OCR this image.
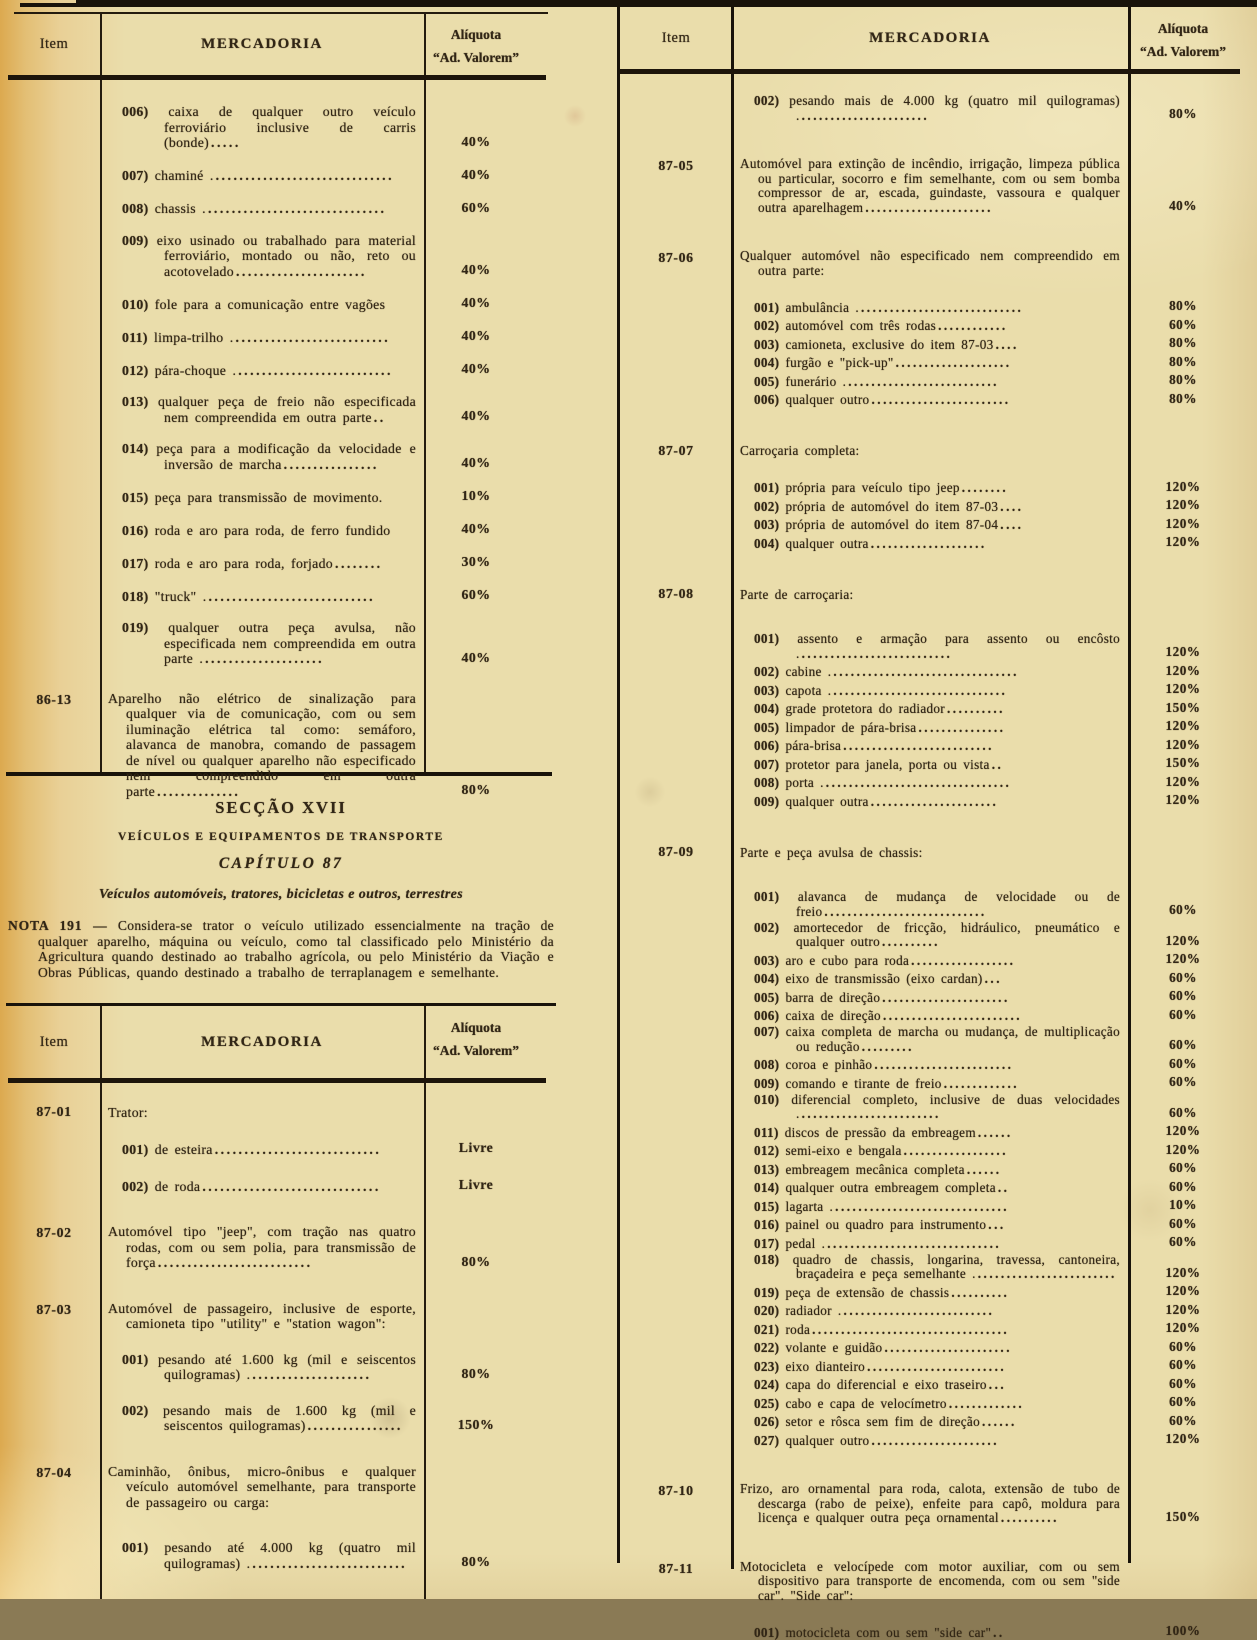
Item	MERCADORIA
Alíquota
“Ad. Valorem”
006) caixa de qualquer outro veículo ferroviário inclusive de carris (bonde) .....	40%
007) chaminé . ..............................	40%
008) chassis . ..............................	60%
009) eixo usinado ou trabalhado para material ferroviário, montado ou não, reto ou acotovelado ......................	40%
010) fole para a comunicação entre vagões	40%
011) limpa-trilho . ..........................	40%
012) pára-choque . ..........................	40%
013) qualquer peça de freio não especificada nem compreendida em outra parte ..	40%
014) peça para a modificação da velocidade e inversão de marcha ................	40%
015) peça para transmissão de movimento.	10%
016) roda e aro para roda, de ferro fundido	40%
017) roda e aro para roda, forjado ........	30%
018) "truck" . ............................	60%
019) qualquer outra peça avulsa, não especificada nem compreendida em outra parte . ....................	40%
86-13	Aparelho não elétrico de sinalização para qualquer via de comunicação, com ou sem iluminação elétrica tal como: semáforo, alavanca de manobra, comando de passagem de nível ou qualquer aparelho não especificado nem compreendido em outra parte ..............	80%
SECÇÃO XVII
VEÍCULOS E EQUIPAMENTOS DE TRANSPORTE
CAPÍTULO 87
Veículos automóveis, tratores, bicicletas e outros, terrestres

NOTA 191 — Considera-se trator o veículo utilizado essencialmente na tração de qualquer aparelho, máquina ou veículo, como tal classificado pelo Ministério da Agricultura quando destinado ao trabalho agrícola, ou pelo Ministério da Viação e Obras Públicas, quando destinado a trabalho de terraplanagem e semelhante.

Item	MERCADORIA
Alíquota
“Ad. Valorem”
87-01	Trator:
001) de esteira ............................	Livre
002) de roda ..............................	Livre
87-02	Automóvel tipo "jeep", com tração nas quatro rodas, com ou sem polia, para transmissão de força ..........................	80%
87-03	Automóvel de passageiro, inclusive de esporte, camioneta tipo "utility" e "station wagon":
001) pesando até 1.600 kg (mil e seiscentos quilogramas) . ....................	80%
002) pesando mais de 1.600 kg (mil e seiscentos quilogramas) ................	150%
87-04	Caminhão, ônibus, micro-ônibus e qualquer veículo automóvel semelhante, para transporte de passageiro ou carga:
001) pesando até 4.000 kg (quatro mil quilogramas) . ..........................	80%
Item	MERCADORIA
Alíquota
“Ad. Valorem”
002) pesando mais de 4.000 kg (quatro mil quilogramas) . ......................	80%
87-05	Automóvel para extinção de incêndio, irrigação, limpeza pública ou particular, socorro e fim semelhante, com ou sem bomba compressor de ar, escada, guindaste, vassoura e qualquer outra aparelhagem ......................	40%
87-06	Qualquer automóvel não especificado nem compreendido em outra parte:
001) ambulância . ............................	80%
002) automóvel com três rodas ............	60%
003) camioneta, exclusive do item 87-03 ....	80%
004) furgão e "pick-up" ....................	80%
005) funerário . ..........................	80%
006) qualquer outro ........................	80%
87-07	Carroçaria completa:
001) própria para veículo tipo jeep ........	120%
002) própria de automóvel do item 87-03 ....	120%
003) própria de automóvel do item 87-04 ....	120%
004) qualquer outra ....................	120%
87-08	Parte de carroçaria:
001) assento e armação para assento ou encôsto . ..........................	120%
002) cabine . ................................	120%
003) capota . ..............................	120%
004) grade protetora do radiador ..........	150%
005) limpador de pára-brisa ...............	120%
006) pára-brisa ..........................	120%
007) protetor para janela, porta ou vista ..	150%
008) porta . ................................	120%
009) qualquer outra ......................	120%
87-09	Parte e peça avulsa de chassis:
001) alavanca de mudança de velocidade ou de freio ............................	60%
002) amortecedor de fricção, hidráulico, pneumático e qualquer outro ..........	120%
003) aro e cubo para roda ..................	120%
004) eixo de transmissão (eixo cardan) ...	60%
005) barra de direção ......................	60%
006) caixa de direção ........................	60%
007) caixa completa de marcha ou mudança, de multiplicação ou redução .........	60%
008) coroa e pinhão ........................	60%
009) comando e tirante de freio .............	60%
010) diferencial completo, inclusive de duas velocidades . ........................	60%
011) discos de pressão da embreagem ......	120%
012) semi-eixo e bengala ..................	120%
013) embreagem mecânica completa ......	60%
014) qualquer outra embreagem completa ..	60%
015) lagarta . ..............................	10%
016) painel ou quadro para instrumento ...	60%
017) pedal . ..............................	60%
018) quadro de chassis, longarina, travessa, cantoneira, braçadeira e peça semelhante . ........................	120%
019) peça de extensão de chassis ..........	120%
020) radiador . ..........................	120%
021) roda ..................................	120%
022) volante e guidão ......................	60%
023) eixo dianteiro ........................	60%
024) capa do diferencial e eixo traseiro ...	60%
025) cabo e capa de velocímetro .............	60%
026) setor e rôsca sem fim de direção ......	60%
027) qualquer outro ......................	120%
87-10	Frizo, aro ornamental para roda, calota, extensão de tubo de descarga (rabo de peixe), enfeite para capô, moldura para licença e qualquer outra peça ornamental ..........	150%
87-11	Motocicleta e velocípede com motor auxiliar, com ou sem dispositivo para transporte de encomenda, com ou sem "side car". "Side car":
001) motocicleta com ou sem "side car" ..	100%
